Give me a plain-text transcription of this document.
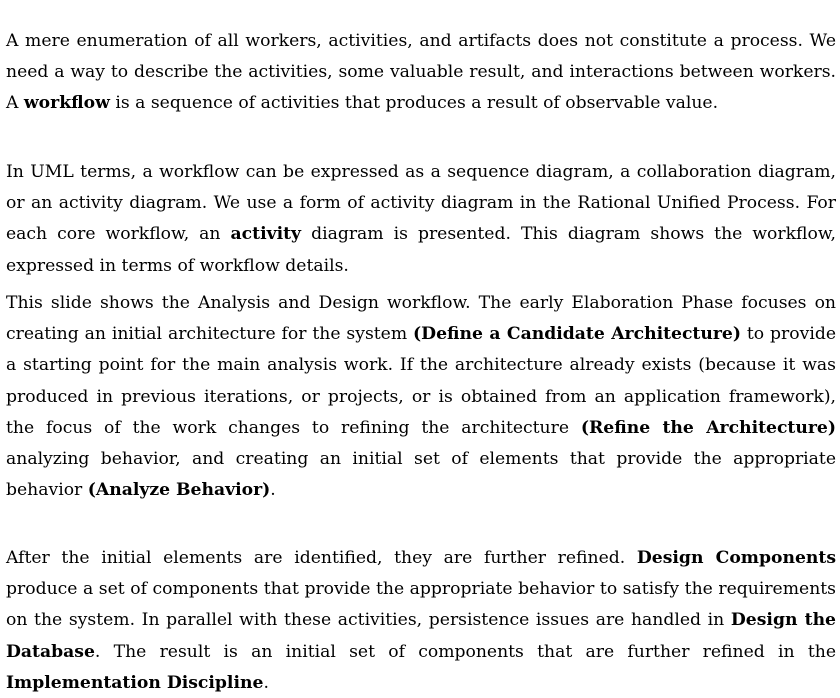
A mere enumeration of all workers, activities, and artifacts does not constitute a process. We need a way to describe the activities, some valuable result, and interactions between workers. A workflow is a sequence of activities that produces a result of observable value.

In UML terms, a workflow can be expressed as a sequence diagram, a collaboration diagram, or an activity diagram. We use a form of activity diagram in the Rational Unified Process. For each core workflow, an activity diagram is presented. This diagram shows the workflow, expressed in terms of workflow details.

This slide shows the Analysis and Design workflow. The early Elaboration Phase focuses on creating an initial architecture for the system (Define a Candidate Architecture) to provide a starting point for the main analysis work. If the architecture already exists (because it was produced in previous iterations, or projects, or is obtained from an application framework), the focus of the work changes to refining the architecture (Refine the Architecture) analyzing behavior, and creating an initial set of elements that provide the appropriate behavior (Analyze Behavior).

After the initial elements are identified, they are further refined. Design Components produce a set of components that provide the appropriate behavior to satisfy the requirements on the system. In parallel with these activities, persistence issues are handled in Design the Database. The result is an initial set of components that are further refined in the Implementation Discipline.
